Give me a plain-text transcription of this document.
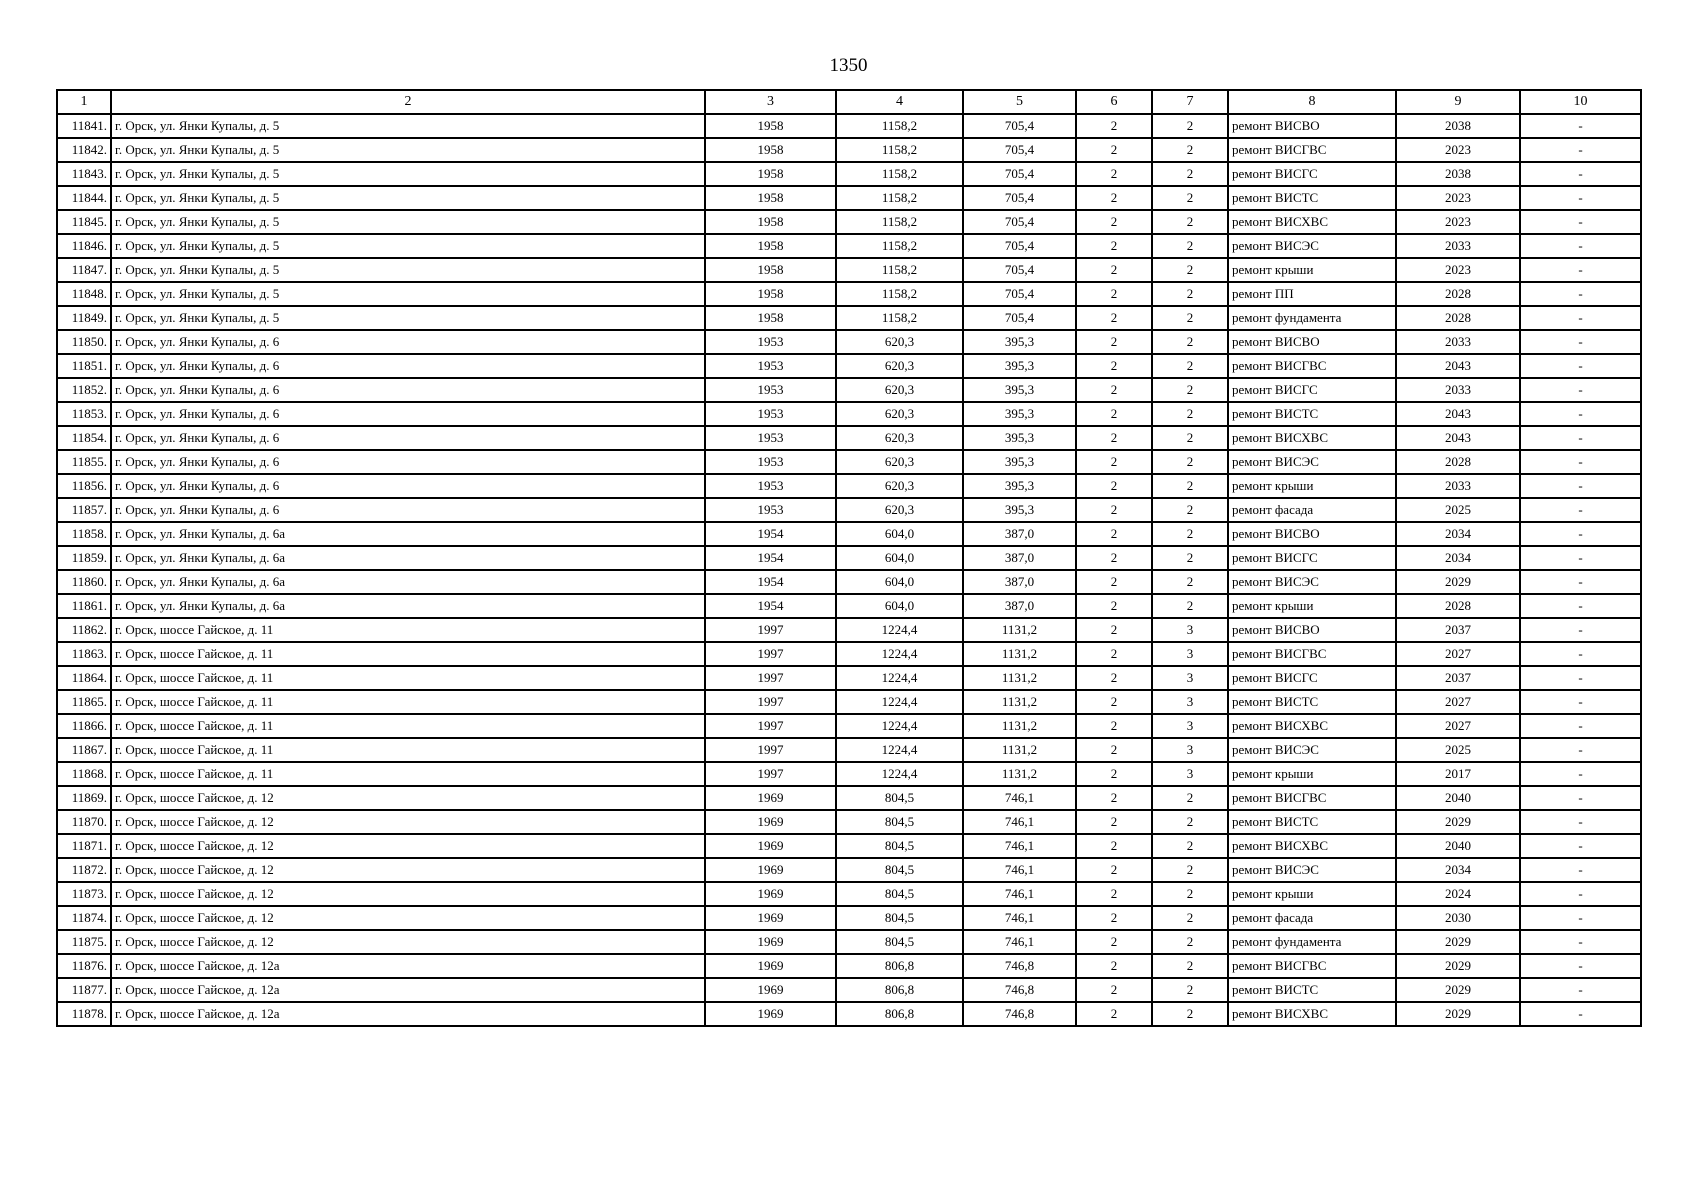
1350
1	2	3	4	5	6	7	8	9	10
11841.	г. Орск, ул. Янки Купалы, д. 5	1958	1158,2	705,4	2	2	ремонт ВИСВО	2038	-
11842.	г. Орск, ул. Янки Купалы, д. 5	1958	1158,2	705,4	2	2	ремонт ВИСГВС	2023	-
11843.	г. Орск, ул. Янки Купалы, д. 5	1958	1158,2	705,4	2	2	ремонт ВИСГС	2038	-
11844.	г. Орск, ул. Янки Купалы, д. 5	1958	1158,2	705,4	2	2	ремонт ВИСТС	2023	-
11845.	г. Орск, ул. Янки Купалы, д. 5	1958	1158,2	705,4	2	2	ремонт ВИСХВС	2023	-
11846.	г. Орск, ул. Янки Купалы, д. 5	1958	1158,2	705,4	2	2	ремонт ВИСЭС	2033	-
11847.	г. Орск, ул. Янки Купалы, д. 5	1958	1158,2	705,4	2	2	ремонт крыши	2023	-
11848.	г. Орск, ул. Янки Купалы, д. 5	1958	1158,2	705,4	2	2	ремонт ПП	2028	-
11849.	г. Орск, ул. Янки Купалы, д. 5	1958	1158,2	705,4	2	2	ремонт фундамента	2028	-
11850.	г. Орск, ул. Янки Купалы, д. 6	1953	620,3	395,3	2	2	ремонт ВИСВО	2033	-
11851.	г. Орск, ул. Янки Купалы, д. 6	1953	620,3	395,3	2	2	ремонт ВИСГВС	2043	-
11852.	г. Орск, ул. Янки Купалы, д. 6	1953	620,3	395,3	2	2	ремонт ВИСГС	2033	-
11853.	г. Орск, ул. Янки Купалы, д. 6	1953	620,3	395,3	2	2	ремонт ВИСТС	2043	-
11854.	г. Орск, ул. Янки Купалы, д. 6	1953	620,3	395,3	2	2	ремонт ВИСХВС	2043	-
11855.	г. Орск, ул. Янки Купалы, д. 6	1953	620,3	395,3	2	2	ремонт ВИСЭС	2028	-
11856.	г. Орск, ул. Янки Купалы, д. 6	1953	620,3	395,3	2	2	ремонт крыши	2033	-
11857.	г. Орск, ул. Янки Купалы, д. 6	1953	620,3	395,3	2	2	ремонт фасада	2025	-
11858.	г. Орск, ул. Янки Купалы, д. 6а	1954	604,0	387,0	2	2	ремонт ВИСВО	2034	-
11859.	г. Орск, ул. Янки Купалы, д. 6а	1954	604,0	387,0	2	2	ремонт ВИСГС	2034	-
11860.	г. Орск, ул. Янки Купалы, д. 6а	1954	604,0	387,0	2	2	ремонт ВИСЭС	2029	-
11861.	г. Орск, ул. Янки Купалы, д. 6а	1954	604,0	387,0	2	2	ремонт крыши	2028	-
11862.	г. Орск, шоссе Гайское, д. 11	1997	1224,4	1131,2	2	3	ремонт ВИСВО	2037	-
11863.	г. Орск, шоссе Гайское, д. 11	1997	1224,4	1131,2	2	3	ремонт ВИСГВС	2027	-
11864.	г. Орск, шоссе Гайское, д. 11	1997	1224,4	1131,2	2	3	ремонт ВИСГС	2037	-
11865.	г. Орск, шоссе Гайское, д. 11	1997	1224,4	1131,2	2	3	ремонт ВИСТС	2027	-
11866.	г. Орск, шоссе Гайское, д. 11	1997	1224,4	1131,2	2	3	ремонт ВИСХВС	2027	-
11867.	г. Орск, шоссе Гайское, д. 11	1997	1224,4	1131,2	2	3	ремонт ВИСЭС	2025	-
11868.	г. Орск, шоссе Гайское, д. 11	1997	1224,4	1131,2	2	3	ремонт крыши	2017	-
11869.	г. Орск, шоссе Гайское, д. 12	1969	804,5	746,1	2	2	ремонт ВИСГВС	2040	-
11870.	г. Орск, шоссе Гайское, д. 12	1969	804,5	746,1	2	2	ремонт ВИСТС	2029	-
11871.	г. Орск, шоссе Гайское, д. 12	1969	804,5	746,1	2	2	ремонт ВИСХВС	2040	-
11872.	г. Орск, шоссе Гайское, д. 12	1969	804,5	746,1	2	2	ремонт ВИСЭС	2034	-
11873.	г. Орск, шоссе Гайское, д. 12	1969	804,5	746,1	2	2	ремонт крыши	2024	-
11874.	г. Орск, шоссе Гайское, д. 12	1969	804,5	746,1	2	2	ремонт фасада	2030	-
11875.	г. Орск, шоссе Гайское, д. 12	1969	804,5	746,1	2	2	ремонт фундамента	2029	-
11876.	г. Орск, шоссе Гайское, д. 12а	1969	806,8	746,8	2	2	ремонт ВИСГВС	2029	-
11877.	г. Орск, шоссе Гайское, д. 12а	1969	806,8	746,8	2	2	ремонт ВИСТС	2029	-
11878.	г. Орск, шоссе Гайское, д. 12а	1969	806,8	746,8	2	2	ремонт ВИСХВС	2029	-
